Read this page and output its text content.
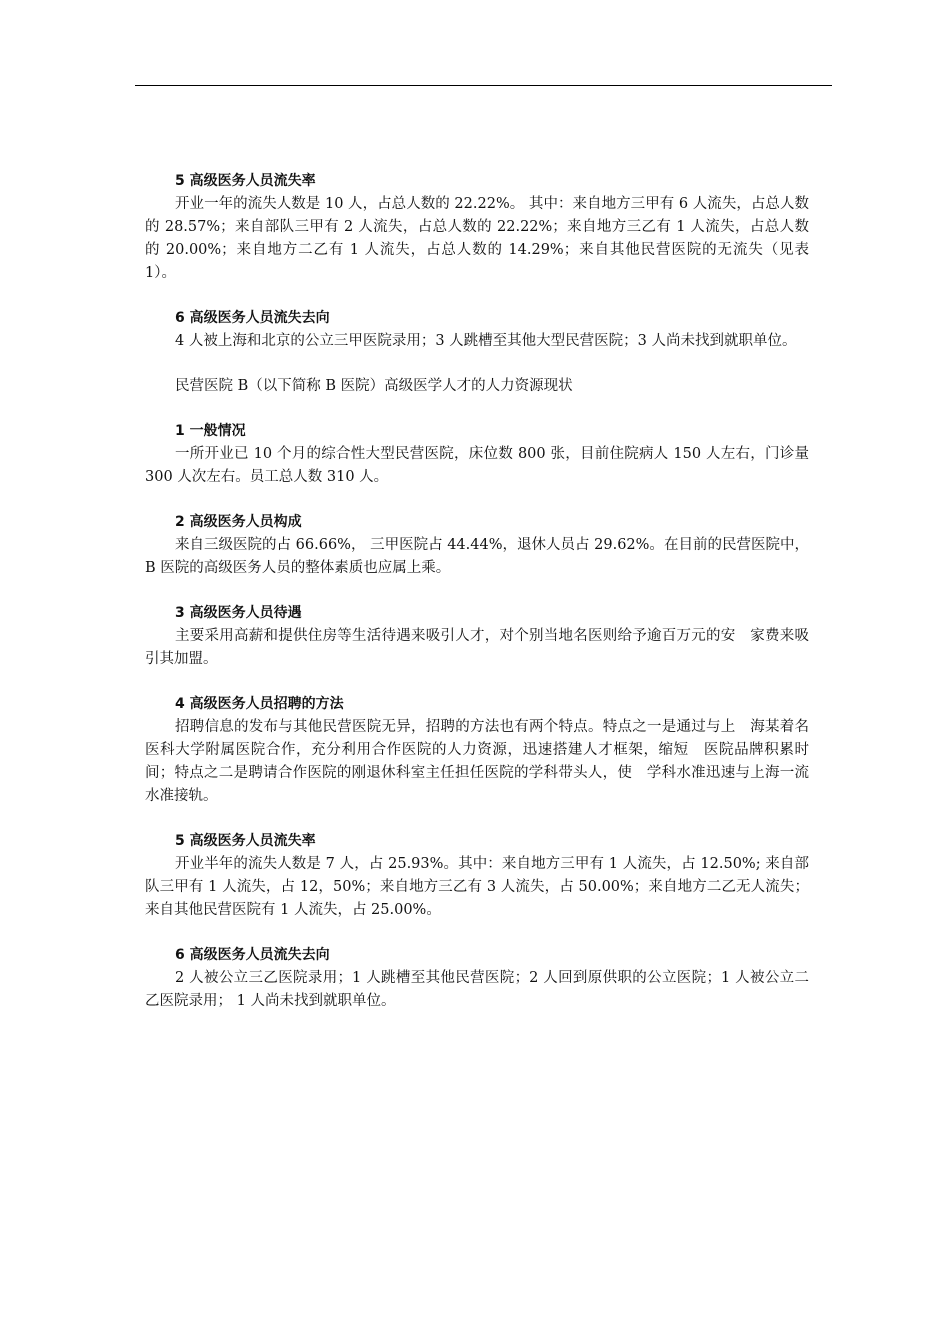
5 高级医务人员流失率

开业一年的流失人数是 10 人，占总人数的 22.22%。 其中：来自地方三甲有 6 人流失，占总人数的 28.57%；来自部队三甲有 2 人流失，占总人数的 22.22%；来自地方三乙有 1 人流失，占总人数的 20.00%；来自地方二乙有 1 人流失，占总人数的 14.29%；来自其他民营医院的无流失（见表 1）。

6 高级医务人员流失去向

4 人被上海和北京的公立三甲医院录用；3 人跳槽至其他大型民营医院；3 人尚未找到就职单位。

民营医院 B（以下简称 B 医院）高级医学人才的人力资源现状

1 一般情况

一所开业已 10 个月的综合性大型民营医院，床位数 800 张，目前住院病人 150 人左右，门诊量 300 人次左右。员工总人数 310 人。

2 高级医务人员构成

来自三级医院的占 66.66%， 三甲医院占 44.44%，退休人员占 29.62%。在目前的民营医院中，B 医院的高级医务人员的整体素质也应属上乘。

3 高级医务人员待遇

主要采用高薪和提供住房等生活待遇来吸引人才，对个别当地名医则给予逾百万元的安　家费来吸引其加盟。

4 高级医务人员招聘的方法

招聘信息的发布与其他民营医院无异，招聘的方法也有两个特点。特点之一是通过与上　海某着名医科大学附属医院合作，充分利用合作医院的人力资源，迅速搭建人才框架，缩短　医院品牌积累时间；特点之二是聘请合作医院的刚退休科室主任担任医院的学科带头人，使　学科水准迅速与上海一流水准接轨。

5 高级医务人员流失率

开业半年的流失人数是 7 人，占 25.93%。其中：来自地方三甲有 1 人流失，占 12.50%; 来自部队三甲有 1 人流失，占 12，50%；来自地方三乙有 3 人流失，占 50.00%；来自地方二乙无人流失；来自其他民营医院有 1 人流失，占 25.00%。

6 高级医务人员流失去向

2 人被公立三乙医院录用；1 人跳槽至其他民营医院；2 人回到原供职的公立医院；1 人被公立二乙医院录用； 1 人尚未找到就职单位。
